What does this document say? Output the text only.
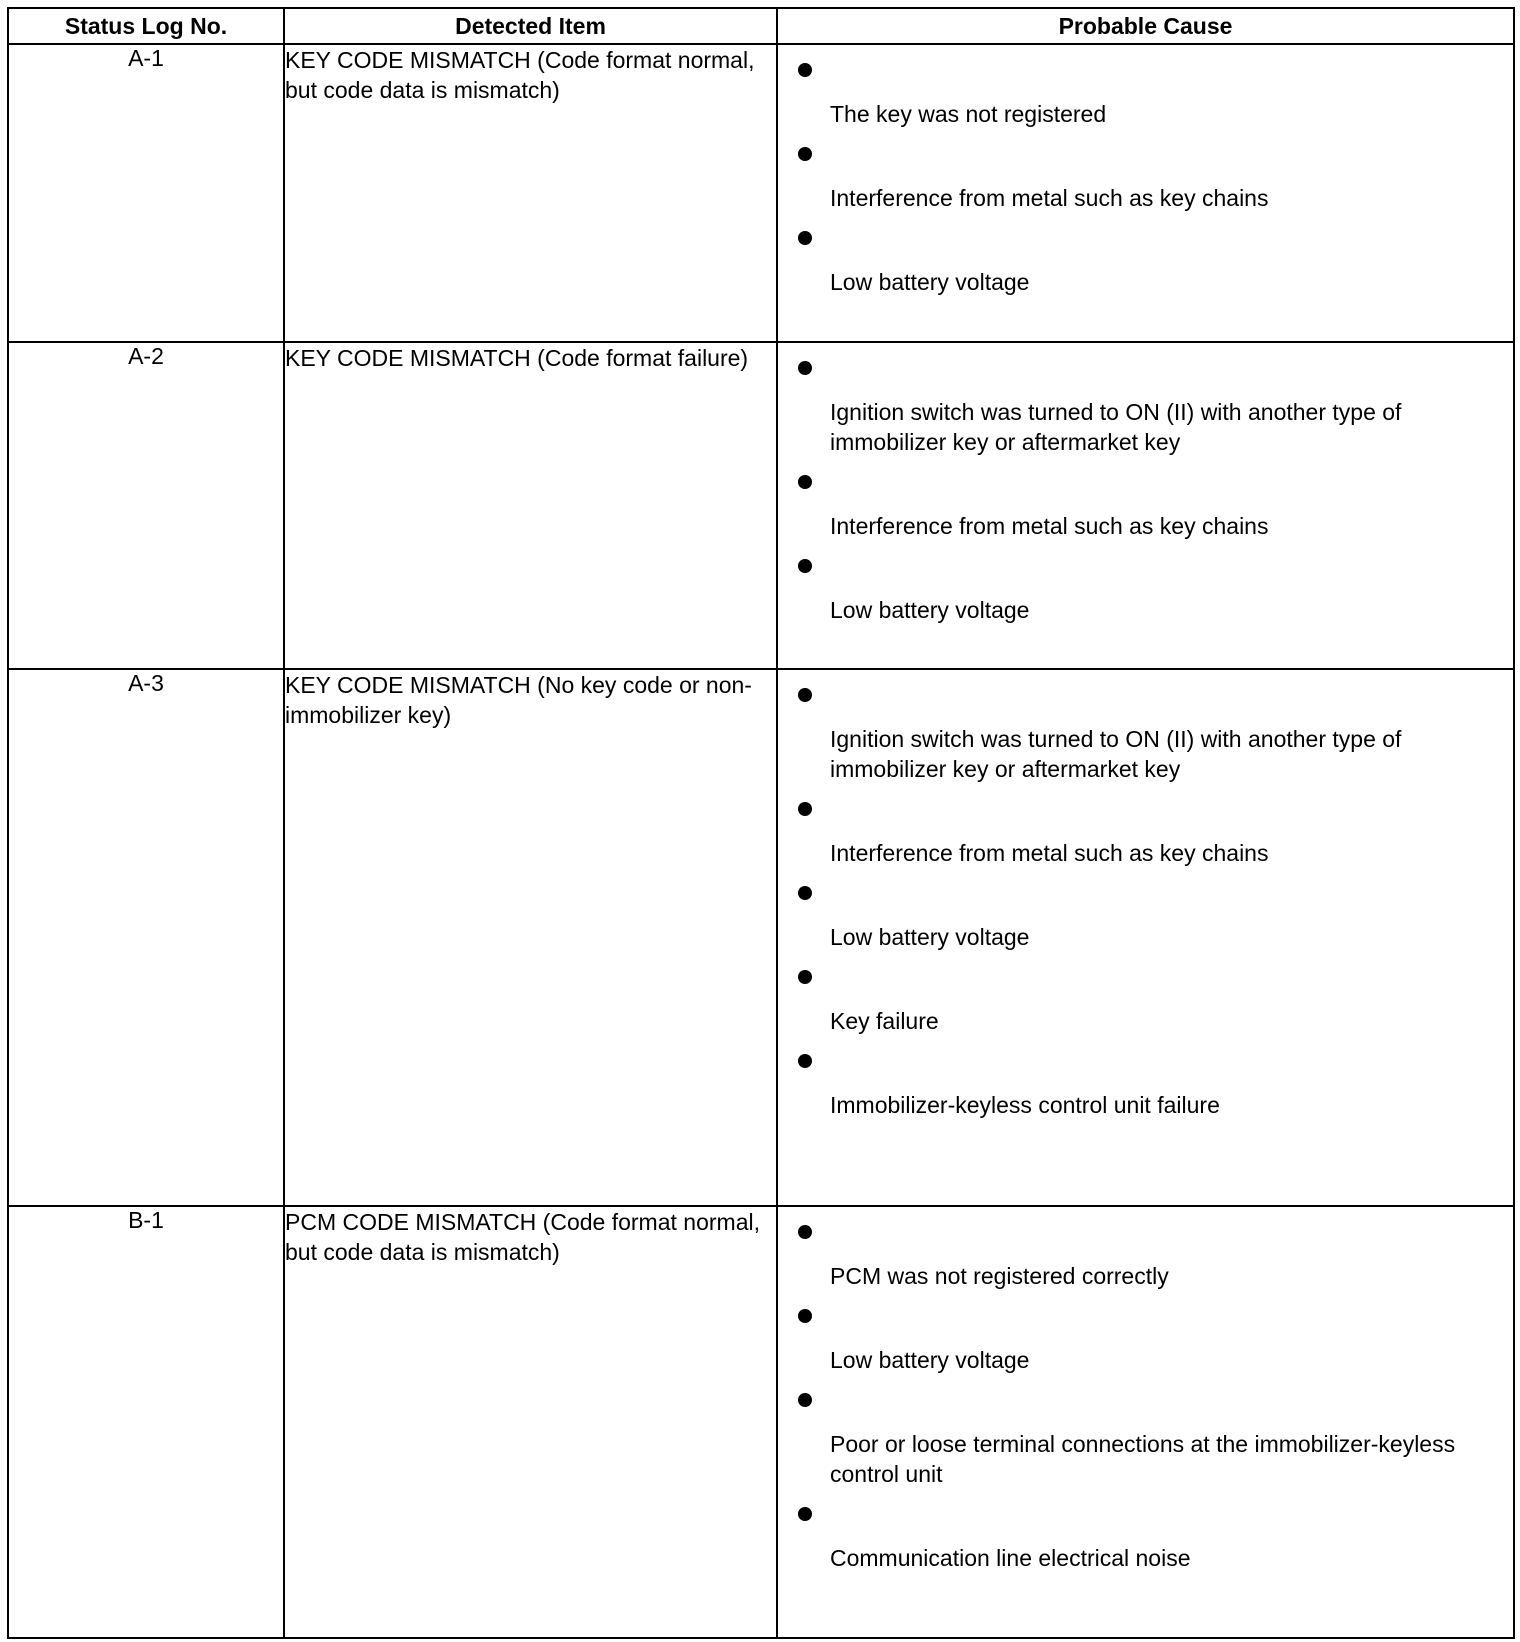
Status Log No.	Detected Item	Probable Cause
A-1	KEY CODE MISMATCH (Code format normal, but code data is mismatch)	The key was not registered
Interference from metal such as key chains
Low battery voltage

A-2	KEY CODE MISMATCH (Code format failure)	Ignition switch was turned to ON (II) with another type of immobilizer key or aftermarket key
Interference from metal such as key chains
Low battery voltage

A-3	KEY CODE MISMATCH (No key code or non-immobilizer key)	Ignition switch was turned to ON (II) with another type of immobilizer key or aftermarket key
Interference from metal such as key chains
Low battery voltage
Key failure
Immobilizer-keyless control unit failure

B-1	PCM CODE MISMATCH (Code format normal, but code data is mismatch)	PCM was not registered correctly
Low battery voltage
Poor or loose terminal connections at the immobilizer-keyless control unit
Communication line electrical noise
